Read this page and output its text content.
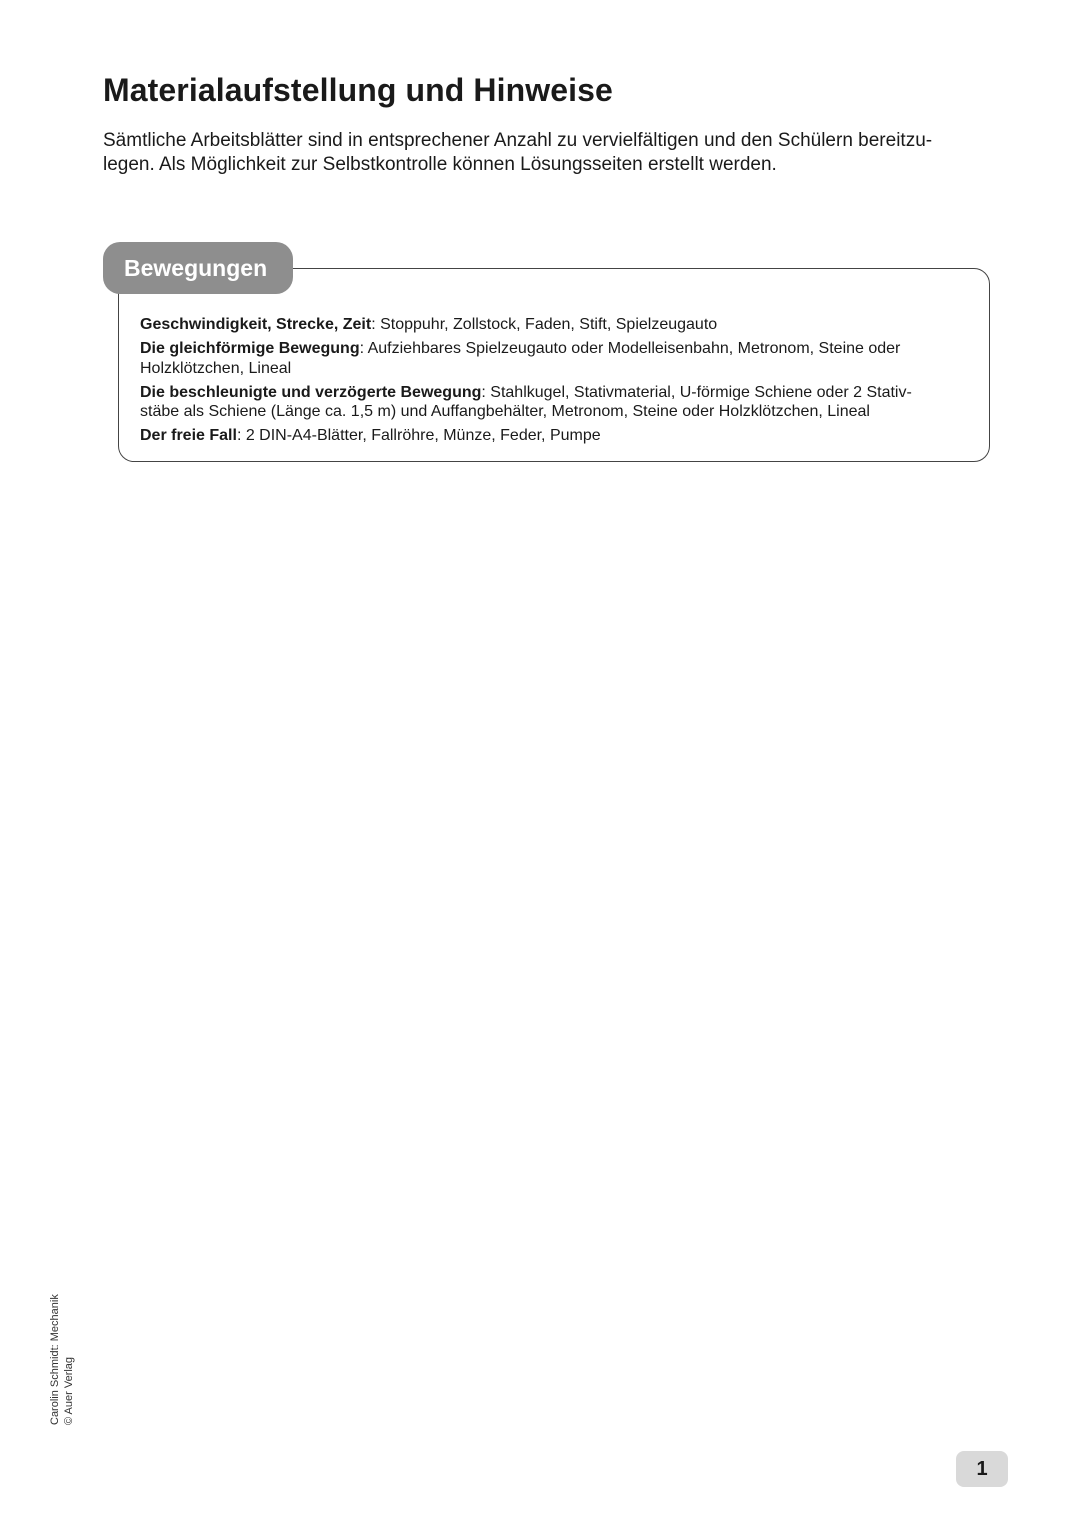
Materialaufstellung und Hinweise

Sämtliche Arbeitsblätter sind in entsprechener Anzahl zu vervielfältigen und den Schülern bereitzu-
legen. Als Möglichkeit zur Selbstkontrolle können Lösungsseiten erstellt werden.

Bewegungen
Geschwindigkeit, Strecke, Zeit: Stoppuhr, Zollstock, Faden, Stift, Spielzeugauto
Die gleichförmige Bewegung: Aufziehbares Spielzeugauto oder Modelleisenbahn, Metronom, Steine oder
Holzklötzchen, Lineal
Die beschleunigte und verzögerte Bewegung: Stahlkugel, Stativmaterial, U-förmige Schiene oder 2 Stativ-
stäbe als Schiene (Länge ca. 1,5 m) und Auffangbehälter, Metronom, Steine oder Holzklötzchen, Lineal
Der freie Fall: 2 DIN-A4-Blätter, Fallröhre, Münze, Feder, Pumpe
Carolin Schmidt: Mechanik © Auer Verlag
1
